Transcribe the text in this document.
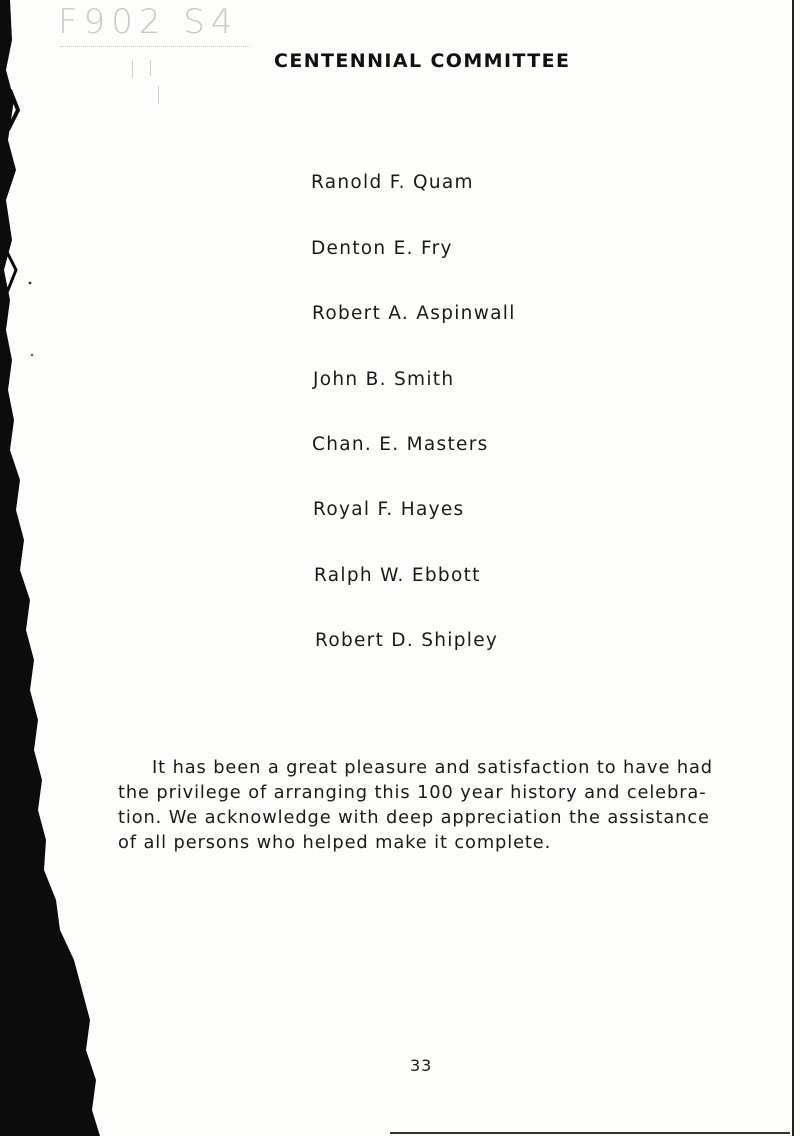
F902 S4
CENTENNIAL COMMITTEE
Ranold F. Quam
Denton E. Fry
Robert A. Aspinwall
John B. Smith
Chan. E. Masters
Royal F. Hayes
Ralph W. Ebbott
Robert D. Shipley
It has been a great pleasure and satisfaction to have had
the privilege of arranging this 100 year history and celebra-
tion. We acknowledge with deep appreciation the assistance
of all persons who helped make it complete.
33
